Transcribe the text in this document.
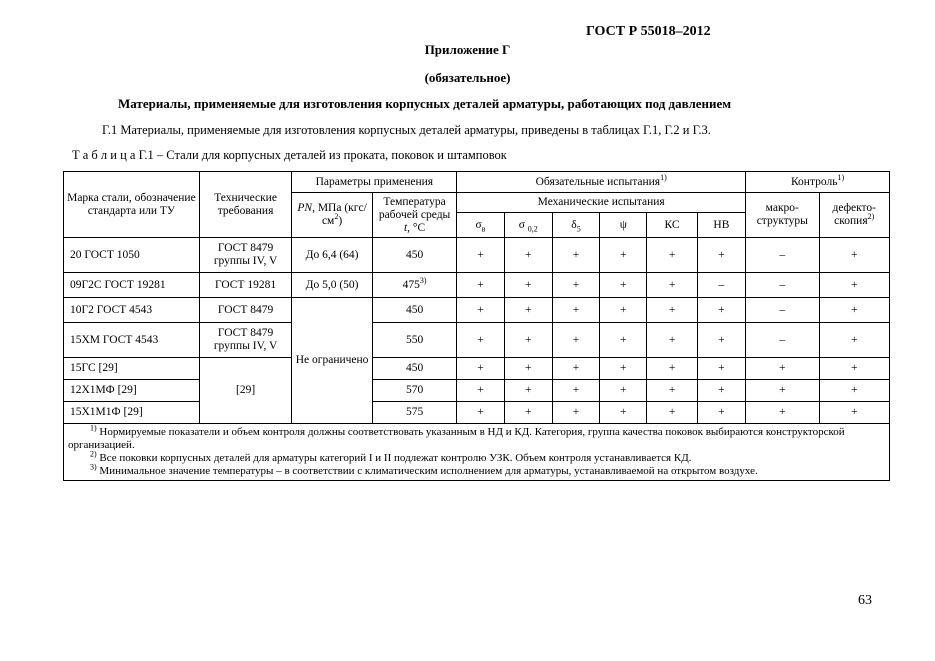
ГОСТ Р 55018–2012
Приложение Г
(обязательное)
Материалы, применяемые для изготовления корпусных деталей арматуры, работающих под давлением
Г.1 Материалы, применяемые для изготовления корпусных деталей арматуры, приведены в таблицах Г.1, Г.2 и Г.3.
Т а б л и ц а Г.1 – Стали для корпусных деталей из проката, поковок и штамповок
Марка стали, обозначение стандарта или ТУ	Технические требования	Параметры применения		Обязательные испытания$^{1)}$						Контроль$^{1)}$
		PN, МПа $(кгс/см^2)$	Температура рабочей среды t, °С	Механические испытания						макро-структуры	дефекто-скопия$^{2)}$
				$\sigma_в$	σ $_{0,2}$	$\delta_5$	ψ	КС	НВ		
20 ГОСТ 1050	ГОСТ 8479 группы IV, V	До 6,4 (64)	450	+	+	+	+	+	+	–	+
09Г2С ГОСТ 19281	ГОСТ 19281	До 5,0 (50)	$475^{3)}$	+	+	+	+	+	–	–	+
10Г2 ГОСТ 4543	ГОСТ 8479	Не ограничено	450	+	+	+	+	+	+	–	+
15ХМ ГОСТ 4543	ГОСТ 8479 группы IV, V		550	+	+	+	+	+	+	–	+
15ГС [29]	[29]		450	+	+	+	+	+	+	+	+
12Х1МФ [29]			570	+	+	+	+	+	+	+	+
15Х1М1Ф [29]			575	+	+	+	+	+	+	+	+

$^{1)}$ Нормируемые показатели и объем контроля должны соответствовать указанным в НД и КД. Категория, группа качества поковок выбираются конструкторской организацией.
$^{2)}$ Все поковки корпусных деталей для арматуры категорий I и II подлежат контролю УЗК. Объем контроля устанавливается КД.
$^{3)}$ Минимальное значение температуры – в соответствии с климатическим исполнением для арматуры, устанавливаемой на открытом воздухе.											
63
